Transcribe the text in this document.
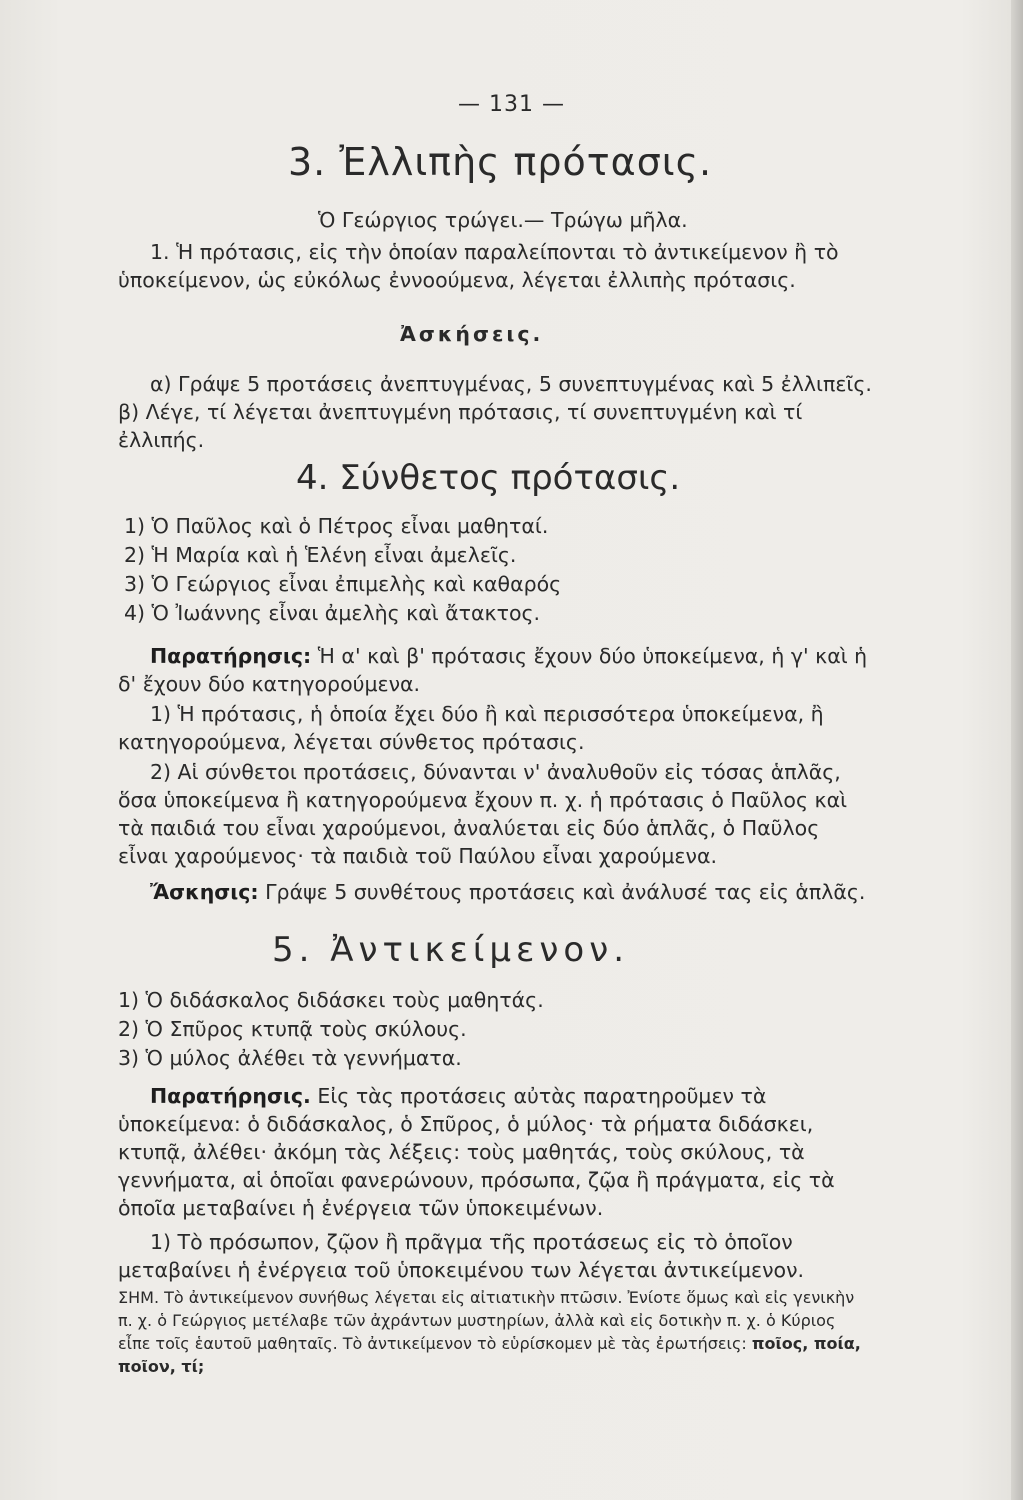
— 131 —
3. Ἐλλιπὴς πρότασις.
Ὁ Γεώργιος τρώγει.— Τρώγω μῆλα.

1. Ἡ πρότασις, εἰς τὴν ὁποίαν παραλείπονται τὸ ἀντικείμενον ἢ τὸ ὑποκείμενον, ὡς εὐκόλως ἐννοούμενα, λέγεται ἐλλιπὴς πρότασις.

Ἀσκήσεις.

α) Γράψε 5 προτάσεις ἀνεπτυγμένας, 5 συνεπτυγμένας καὶ 5 ἐλλιπεῖς. β) Λέγε, τί λέγεται ἀνεπτυγμένη πρότασις, τί συνεπτυγμένη καὶ τί ἐλλιπής.

4. Σύνθετος πρότασις.
1) Ὁ Παῦλος καὶ ὁ Πέτρος εἶναι μαθηταί.
2) Ἡ Μαρία καὶ ἡ Ἑλένη εἶναι ἀμελεῖς.
3) Ὁ Γεώργιος εἶναι ἐπιμελὴς καὶ καθαρός
4) Ὁ Ἰωάννης εἶναι ἀμελὴς καὶ ἄτακτος.

Παρατήρησις: Ἡ α' καὶ β' πρότασις ἔχουν δύο ὑποκείμενα, ἡ γ' καὶ ἡ δ' ἔχουν δύο κατηγορούμενα.

1) Ἡ πρότασις, ἡ ὁποία ἔχει δύο ἢ καὶ περισσότερα ὑποκείμενα, ἢ κατηγορούμενα, λέγεται σύνθετος πρότασις.

2) Αἱ σύνθετοι προτάσεις, δύνανται ν' ἀναλυθοῦν εἰς τόσας ἁπλᾶς, ὅσα ὑποκείμενα ἢ κατηγορούμενα ἔχουν π. χ. ἡ πρότασις ὁ Παῦλος καὶ τὰ παιδιά του εἶναι χαρούμενοι, ἀναλύεται εἰς δύο ἁπλᾶς, ὁ Παῦλος εἶναι χαρούμενος· τὰ παιδιὰ τοῦ Παύλου εἶναι χαρούμενα.

Ἄσκησις: Γράψε 5 συνθέτους προτάσεις καὶ ἀνάλυσέ τας εἰς ἁπλᾶς.

5. Ἀντικείμενον.
1) Ὁ διδάσκαλος διδάσκει τοὺς μαθητάς.
2) Ὁ Σπῦρος κτυπᾷ τοὺς σκύλους.
3) Ὁ μύλος ἀλέθει τὰ γεννήματα.

Παρατήρησις. Εἰς τὰς προτάσεις αὐτὰς παρατηροῦμεν τὰ ὑποκείμενα: ὁ διδάσκαλος, ὁ Σπῦρος, ὁ μύλος· τὰ ρήματα διδάσκει, κτυπᾷ, ἀλέθει· ἀκόμη τὰς λέξεις: τοὺς μαθητάς, τοὺς σκύλους, τὰ γεννήματα, αἱ ὁποῖαι φανερώνουν, πρόσωπα, ζῷα ἢ πράγματα, εἰς τὰ ὁποῖα μεταβαίνει ἡ ἐνέργεια τῶν ὑποκειμένων.

1) Τὸ πρόσωπον, ζῷον ἢ πρᾶγμα τῆς προτάσεως εἰς τὸ ὁποῖον μεταβαίνει ἡ ἐνέργεια τοῦ ὑποκειμένου των λέγεται ἀντικείμενον.

ΣΗΜ. Τὸ ἀντικείμενον συνήθως λέγεται εἰς αἰτιατικὴν πτῶσιν. Ἐνίοτε ὅμως καὶ εἰς γενικὴν π. χ. ὁ Γεώργιος μετέλαβε τῶν ἀχράντων μυστηρίων, ἀλλὰ καὶ εἰς δοτικὴν π. χ. ὁ Κύριος εἶπε τοῖς ἑαυτοῦ μαθηταῖς. Τὸ ἀντικείμενον τὸ εὑρίσκομεν μὲ τὰς ἐρωτήσεις: ποῖος, ποία, ποῖον, τί;
